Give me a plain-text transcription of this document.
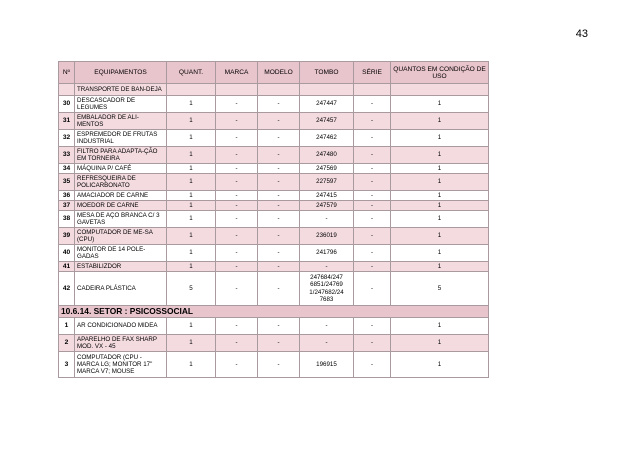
43
Nº	EQUIPAMENTOS	QUANT.	MARCA	MODELO	TOMBO	SÉRIE	QUANTOS EM CONDIÇÃO DE USO
	TRANSPORTE DE BAN-DEJA						
30	DESCASCADOR DE LEGUMES	1	-	-	247447	-	1
31	EMBALADOR DE ALI-MENTOS	1	-	-	247457	-	1
32	ESPREMEDOR DE FRUTAS INDUSTRIAL	1	-	-	247462	-	1
33	FILTRO PARA ADAPTA-ÇÃO EM TORNEIRA	1	-	-	247480	-	1
34	MÁQUINA P/ CAFÉ	1	-	-	247569	-	1
35	REFRESQUEIRA DE POLICARBONATO	1	-	-	227597	-	1
36	AMACIADOR DE CARNE	1	-	-	247415	-	1
37	MOEDOR DE CARNE	1	-	-	247579	-	1
38	MESA DE AÇO BRANCA C/ 3 GAVETAS	1	-	-	-	-	1
39	COMPUTADOR DE ME-SA (CPU)	1	-	-	236019	-	1
40	MONITOR DE 14 POLE-GADAS	1	-	-	241796	-	1
41	ESTABILIZDOR	1	-	-	-	-	1
42	CADEIRA PLÁSTICA	5	-	-	247684/247 6851/24769 1/247682/24 7683	-	5
10.6.14. SETOR : PSICOSSOCIAL							
1	AR CONDICIONADO MIDEA	1	-	-	-	-	1
2	APARELHO DE FAX SHARP MOD. VX - 45	1	-	-	-	-	1
3	COMPUTADOR (CPU - MARCA LG; MONITOR 17" MARCA V7; MOUSE	1	-	-	196915	-	1
